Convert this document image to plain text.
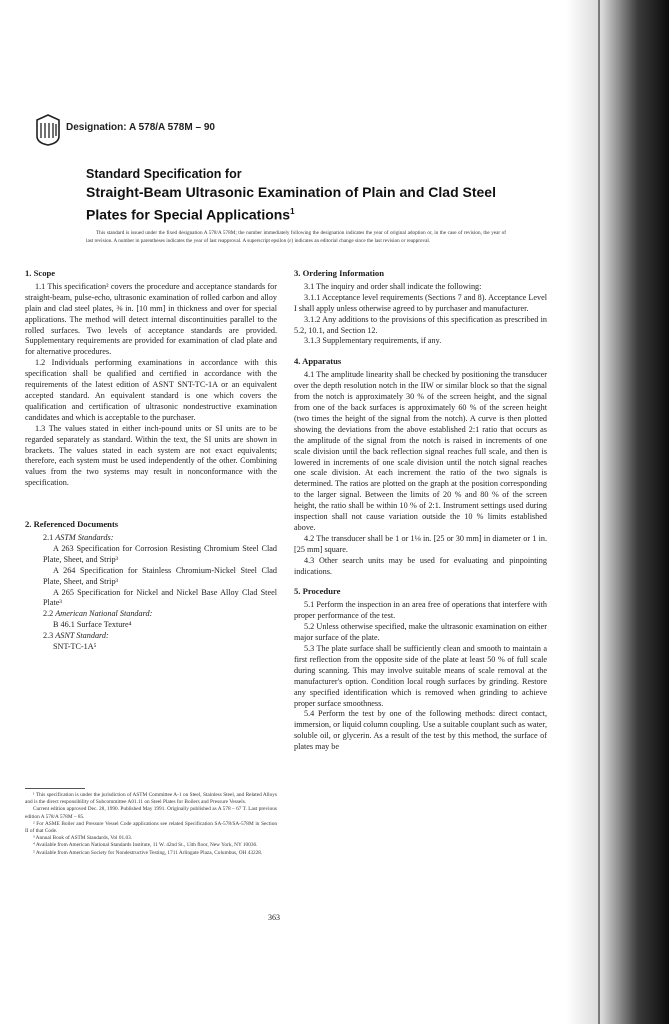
Designation: A 578/A 578M – 90
Standard Specification for
Straight-Beam Ultrasonic Examination of Plain and Clad Steel
Plates for Special Applications$^1$
This standard is issued under the fixed designation A 578/A 578M; the number immediately following the designation indicates the year of original adoption or, in the case of revision, the year of last revision. A number in parentheses indicates the year of last reapproval. A superscript epsilon (ε) indicates an editorial change since the last revision or reapproval.
1. Scope

1.1 This specification² covers the procedure and acceptance standards for straight-beam, pulse-echo, ultrasonic examination of rolled carbon and alloy plain and clad steel plates, ⅜ in. [10 mm] in thickness and over for special applications. The method will detect internal discontinuities parallel to the rolled surfaces. Two levels of acceptance standards are provided. Supplementary requirements are provided for examination of clad plate and for alternative procedures.

1.2 Individuals performing examinations in accordance with this specification shall be qualified and certified in accordance with the requirements of the latest edition of ASNT SNT-TC-1A or an equivalent accepted standard. An equivalent standard is one which covers the qualification and certification of ultrasonic nondestructive examination candidates and which is acceptable to the purchaser.

1.3 The values stated in either inch-pound units or SI units are to be regarded separately as standard. Within the text, the SI units are shown in brackets. The values stated in each system are not exact equivalents; therefore, each system must be used independently of the other. Combining values from the two systems may result in nonconformance with the specification.

2. Referenced Documents

2.1 ASTM Standards:

A 263 Specification for Corrosion Resisting Chromium Steel Clad Plate, Sheet, and Strip³

A 264 Specification for Stainless Chromium-Nickel Steel Clad Plate, Sheet, and Strip³

A 265 Specification for Nickel and Nickel Base Alloy Clad Steel Plate³

2.2 American National Standard:

B 46.1 Surface Texture⁴

2.3 ASNT Standard:

SNT-TC-1A⁵

¹ This specification is under the jurisdiction of ASTM Committee A-1 on Steel, Stainless Steel, and Related Alloys and is the direct responsibility of Subcommittee A01.11 on Steel Plates for Boilers and Pressure Vessels.

Current edition approved Dec. 28, 1990. Published May 1991. Originally published as A 578 – 67 T. Last previous edition A 578/A 578M – 85.

² For ASME Boiler and Pressure Vessel Code applications see related Specification SA-578/SA-578M in Section II of that Code.

³ Annual Book of ASTM Standards, Vol 01.03.

⁴ Available from American National Standards Institute, 11 W. 42nd St., 13th floor, New York, NY 10036.

⁵ Available from American Society for Nondestructive Testing, 1711 Arlingate Plaza, Columbus, OH 43228.

3. Ordering Information

3.1 The inquiry and order shall indicate the following:

3.1.1 Acceptance level requirements (Sections 7 and 8). Acceptance Level I shall apply unless otherwise agreed to by purchaser and manufacturer.

3.1.2 Any additions to the provisions of this specification as prescribed in 5.2, 10.1, and Section 12.

3.1.3 Supplementary requirements, if any.

4. Apparatus

4.1 The amplitude linearity shall be checked by positioning the transducer over the depth resolution notch in the IIW or similar block so that the signal from the notch is approximately 30 % of the screen height, and the signal from one of the back surfaces is approximately 60 % of the screen height (two times the height of the signal from the notch). A curve is then plotted showing the deviations from the above established 2:1 ratio that occurs as the amplitude of the signal from the notch is raised in increments of one scale division until the back reflection signal reaches full scale, and then is lowered in increments of one scale division until the notch signal reaches one scale division. At each increment the ratio of the two signals is determined. The ratios are plotted on the graph at the position corresponding to the larger signal. Between the limits of 20 % and 80 % of the screen height, the ratio shall be within 10 % of 2:1. Instrument settings used during inspection shall not cause variation outside the 10 % limits established above.

4.2 The transducer shall be 1 or 1⅛ in. [25 or 30 mm] in diameter or 1 in. [25 mm] square.

4.3 Other search units may be used for evaluating and pinpointing indications.

5. Procedure

5.1 Perform the inspection in an area free of operations that interfere with proper performance of the test.

5.2 Unless otherwise specified, make the ultrasonic examination on either major surface of the plate.

5.3 The plate surface shall be sufficiently clean and smooth to maintain a first reflection from the opposite side of the plate at least 50 % of full scale during scanning. This may involve suitable means of scale removal at the manufacturer's option. Condition local rough surfaces by grinding. Restore any specified identification which is removed when grinding to achieve proper surface smoothness.

5.4 Perform the test by one of the following methods: direct contact, immersion, or liquid column coupling. Use a suitable couplant such as water, soluble oil, or glycerin. As a result of the test by this method, the surface of plates may be

363
